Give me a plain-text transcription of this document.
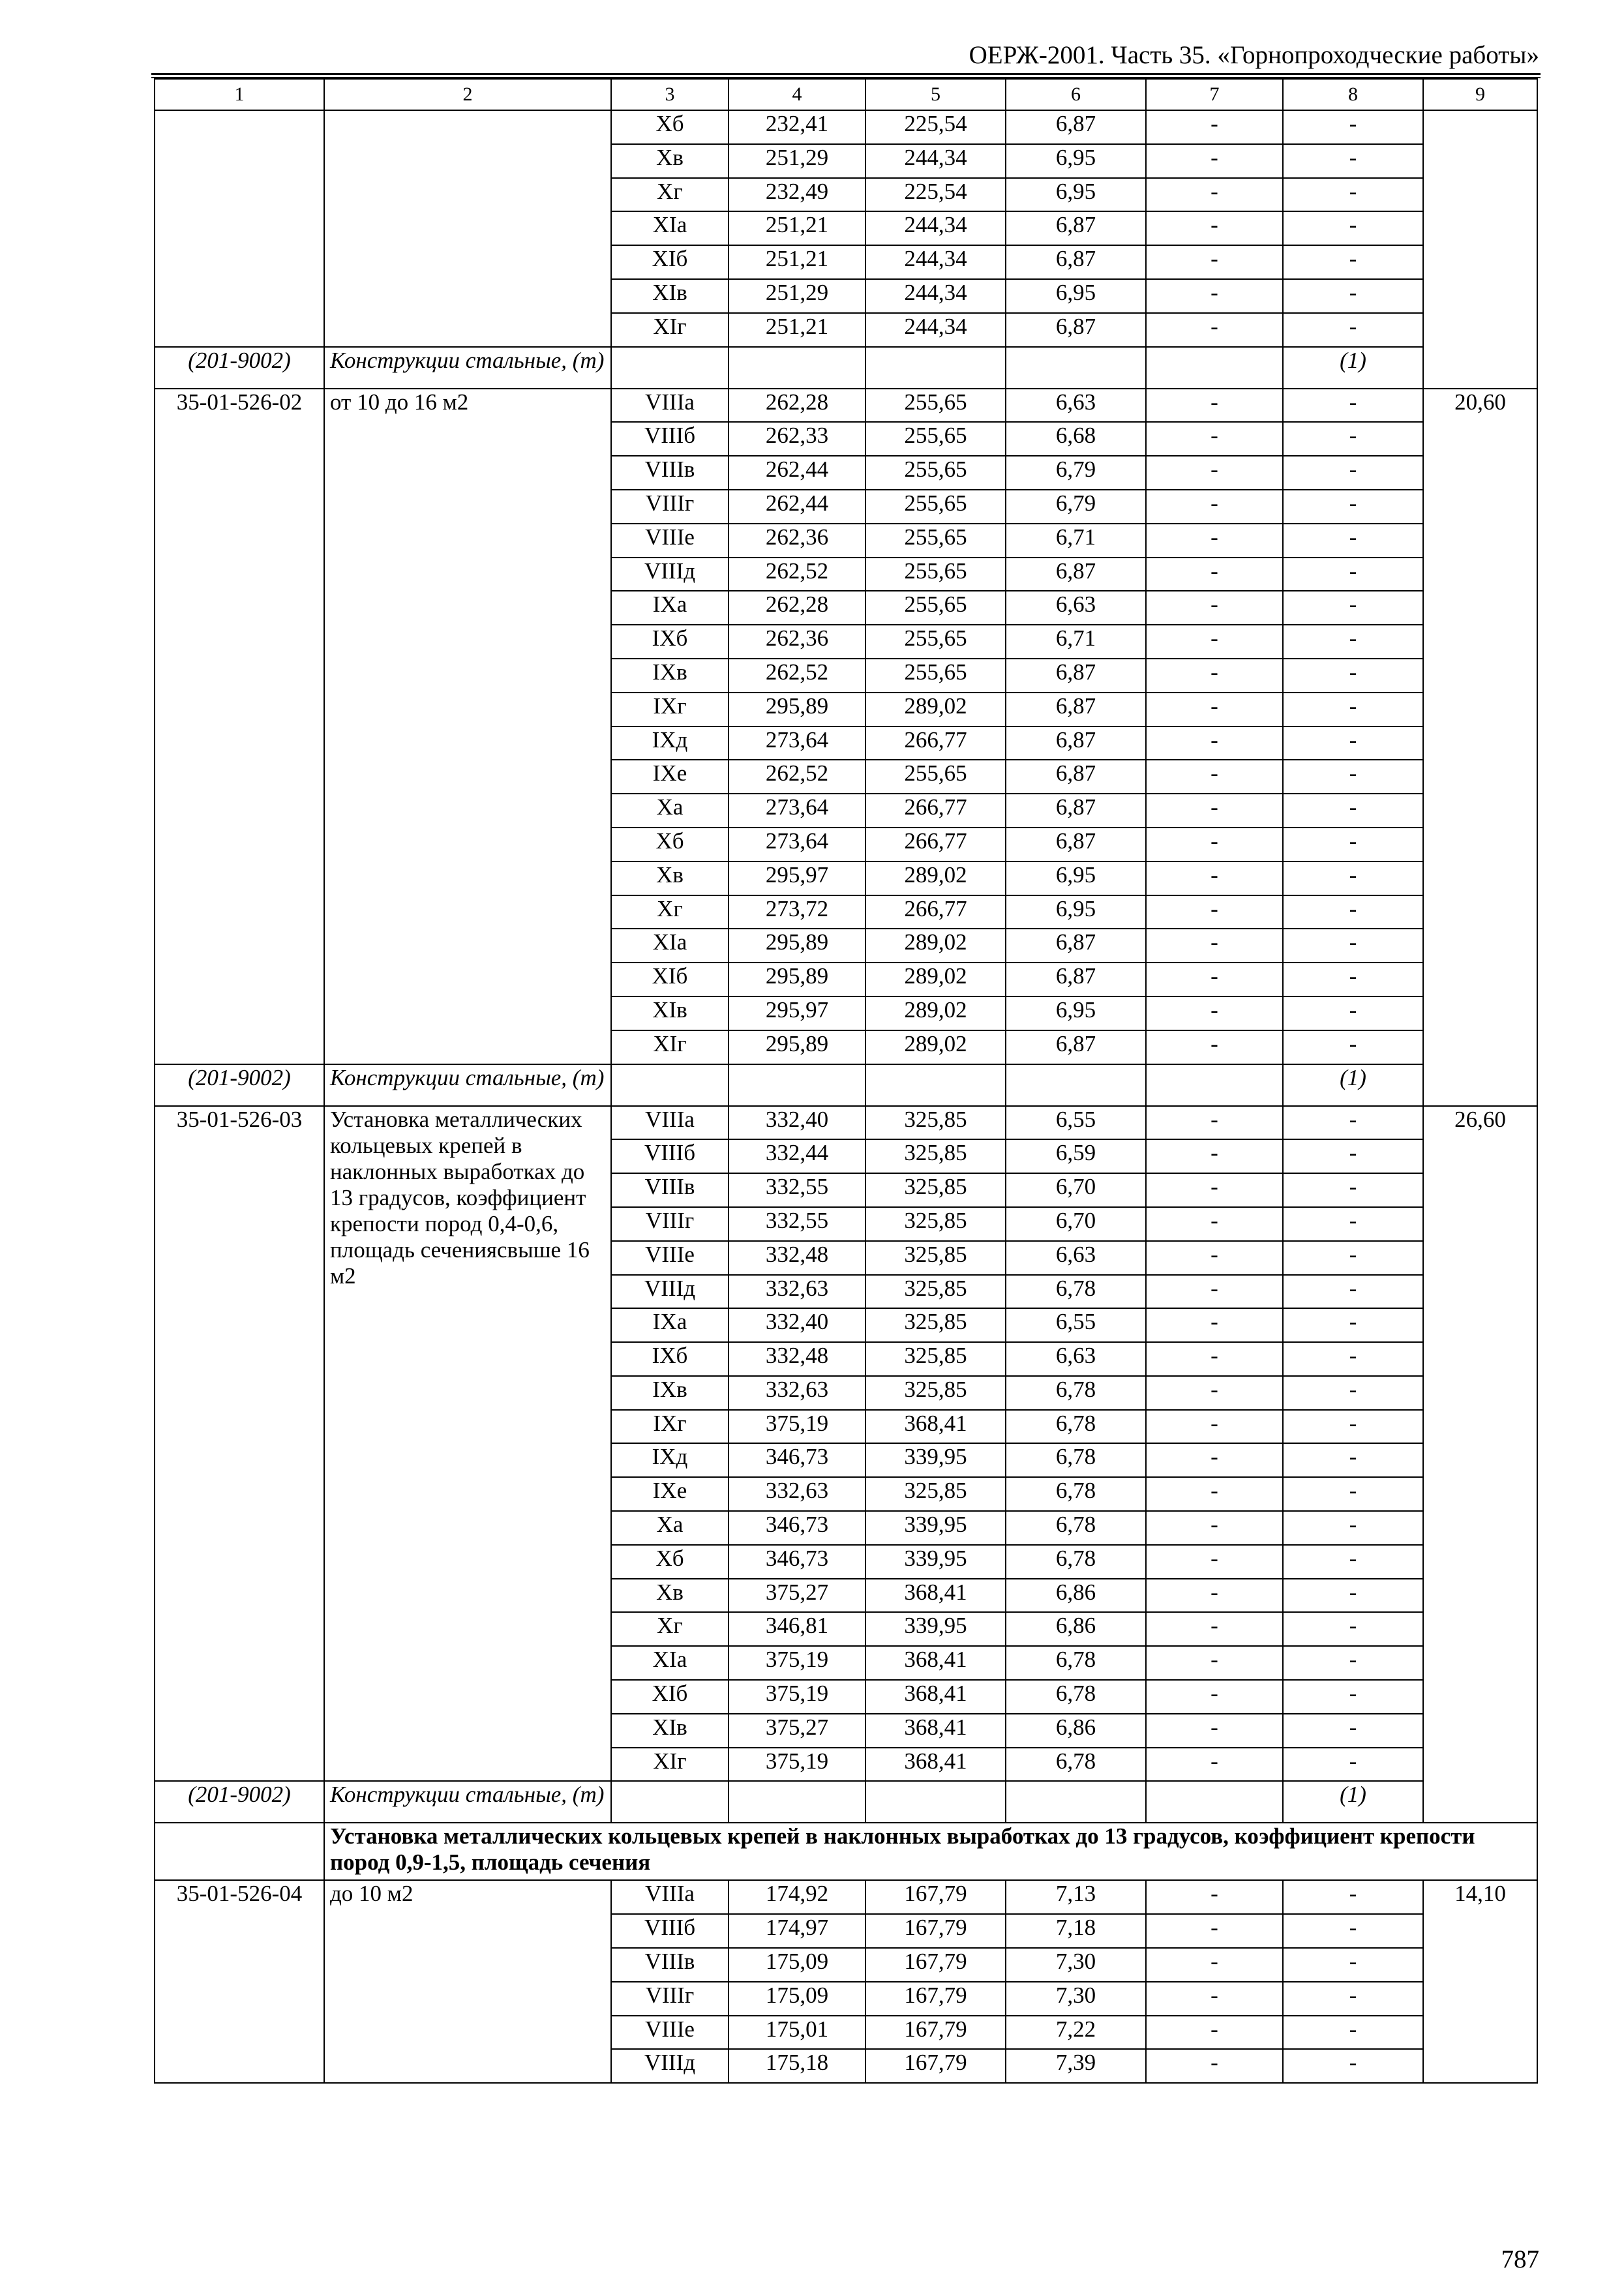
ОЕРЖ-2001. Часть 35. «Горнопроходческие работы»
1	2	3	4	5	6	7	8	9
		Хб	232,41	225,54	6,87	-	-	
		Хв	251,29	244,34	6,95	-	-	
		Хг	232,49	225,54	6,95	-	-	
		ХIа	251,21	244,34	6,87	-	-	
		ХIб	251,21	244,34	6,87	-	-	
		ХIв	251,29	244,34	6,95	-	-	
		ХIг	251,21	244,34	6,87	-	-	
(201-9002)	Конструкции стальные, (т)						(1)	
35-01-526-02	от 10 до 16 м2	VIIIа	262,28	255,65	6,63	-	-	20,60
		VIIIб	262,33	255,65	6,68	-	-	
		VIIIв	262,44	255,65	6,79	-	-	
		VIIIг	262,44	255,65	6,79	-	-	
		VIIIе	262,36	255,65	6,71	-	-	
		VIIIд	262,52	255,65	6,87	-	-	
		IХа	262,28	255,65	6,63	-	-	
		IХб	262,36	255,65	6,71	-	-	
		IХв	262,52	255,65	6,87	-	-	
		IХг	295,89	289,02	6,87	-	-	
		IХд	273,64	266,77	6,87	-	-	
		IХе	262,52	255,65	6,87	-	-	
		Ха	273,64	266,77	6,87	-	-	
		Хб	273,64	266,77	6,87	-	-	
		Хв	295,97	289,02	6,95	-	-	
		Хг	273,72	266,77	6,95	-	-	
		ХIа	295,89	289,02	6,87	-	-	
		ХIб	295,89	289,02	6,87	-	-	
		ХIв	295,97	289,02	6,95	-	-	
		ХIг	295,89	289,02	6,87	-	-	
(201-9002)	Конструкции стальные, (т)						(1)	
35-01-526-03	Установка металлических кольцевых крепей в наклонных выработках до 13 градусов, коэффициент крепости пород 0,4-0,6, площадь сечениясвыше 16 м2	VIIIа	332,40	325,85	6,55	-	-	26,60
		VIIIб	332,44	325,85	6,59	-	-	
		VIIIв	332,55	325,85	6,70	-	-	
		VIIIг	332,55	325,85	6,70	-	-	
		VIIIе	332,48	325,85	6,63	-	-	
		VIIIд	332,63	325,85	6,78	-	-	
		IХа	332,40	325,85	6,55	-	-	
		IХб	332,48	325,85	6,63	-	-	
		IХв	332,63	325,85	6,78	-	-	
		IХг	375,19	368,41	6,78	-	-	
		IХд	346,73	339,95	6,78	-	-	
		IХе	332,63	325,85	6,78	-	-	
		Ха	346,73	339,95	6,78	-	-	
		Хб	346,73	339,95	6,78	-	-	
		Хв	375,27	368,41	6,86	-	-	
		Хг	346,81	339,95	6,86	-	-	
		ХIа	375,19	368,41	6,78	-	-	
		ХIб	375,19	368,41	6,78	-	-	
		ХIв	375,27	368,41	6,86	-	-	
		ХIг	375,19	368,41	6,78	-	-	
(201-9002)	Конструкции стальные, (т)						(1)	
	Установка металлических кольцевых крепей в наклонных выработках до 13 градусов, коэффициент крепости пород 0,9-1,5, площадь сечения							
35-01-526-04	до 10 м2	VIIIа	174,92	167,79	7,13	-	-	14,10
		VIIIб	174,97	167,79	7,18	-	-	
		VIIIв	175,09	167,79	7,30	-	-	
		VIIIг	175,09	167,79	7,30	-	-	
		VIIIе	175,01	167,79	7,22	-	-	
		VIIIд	175,18	167,79	7,39	-	-	
787
